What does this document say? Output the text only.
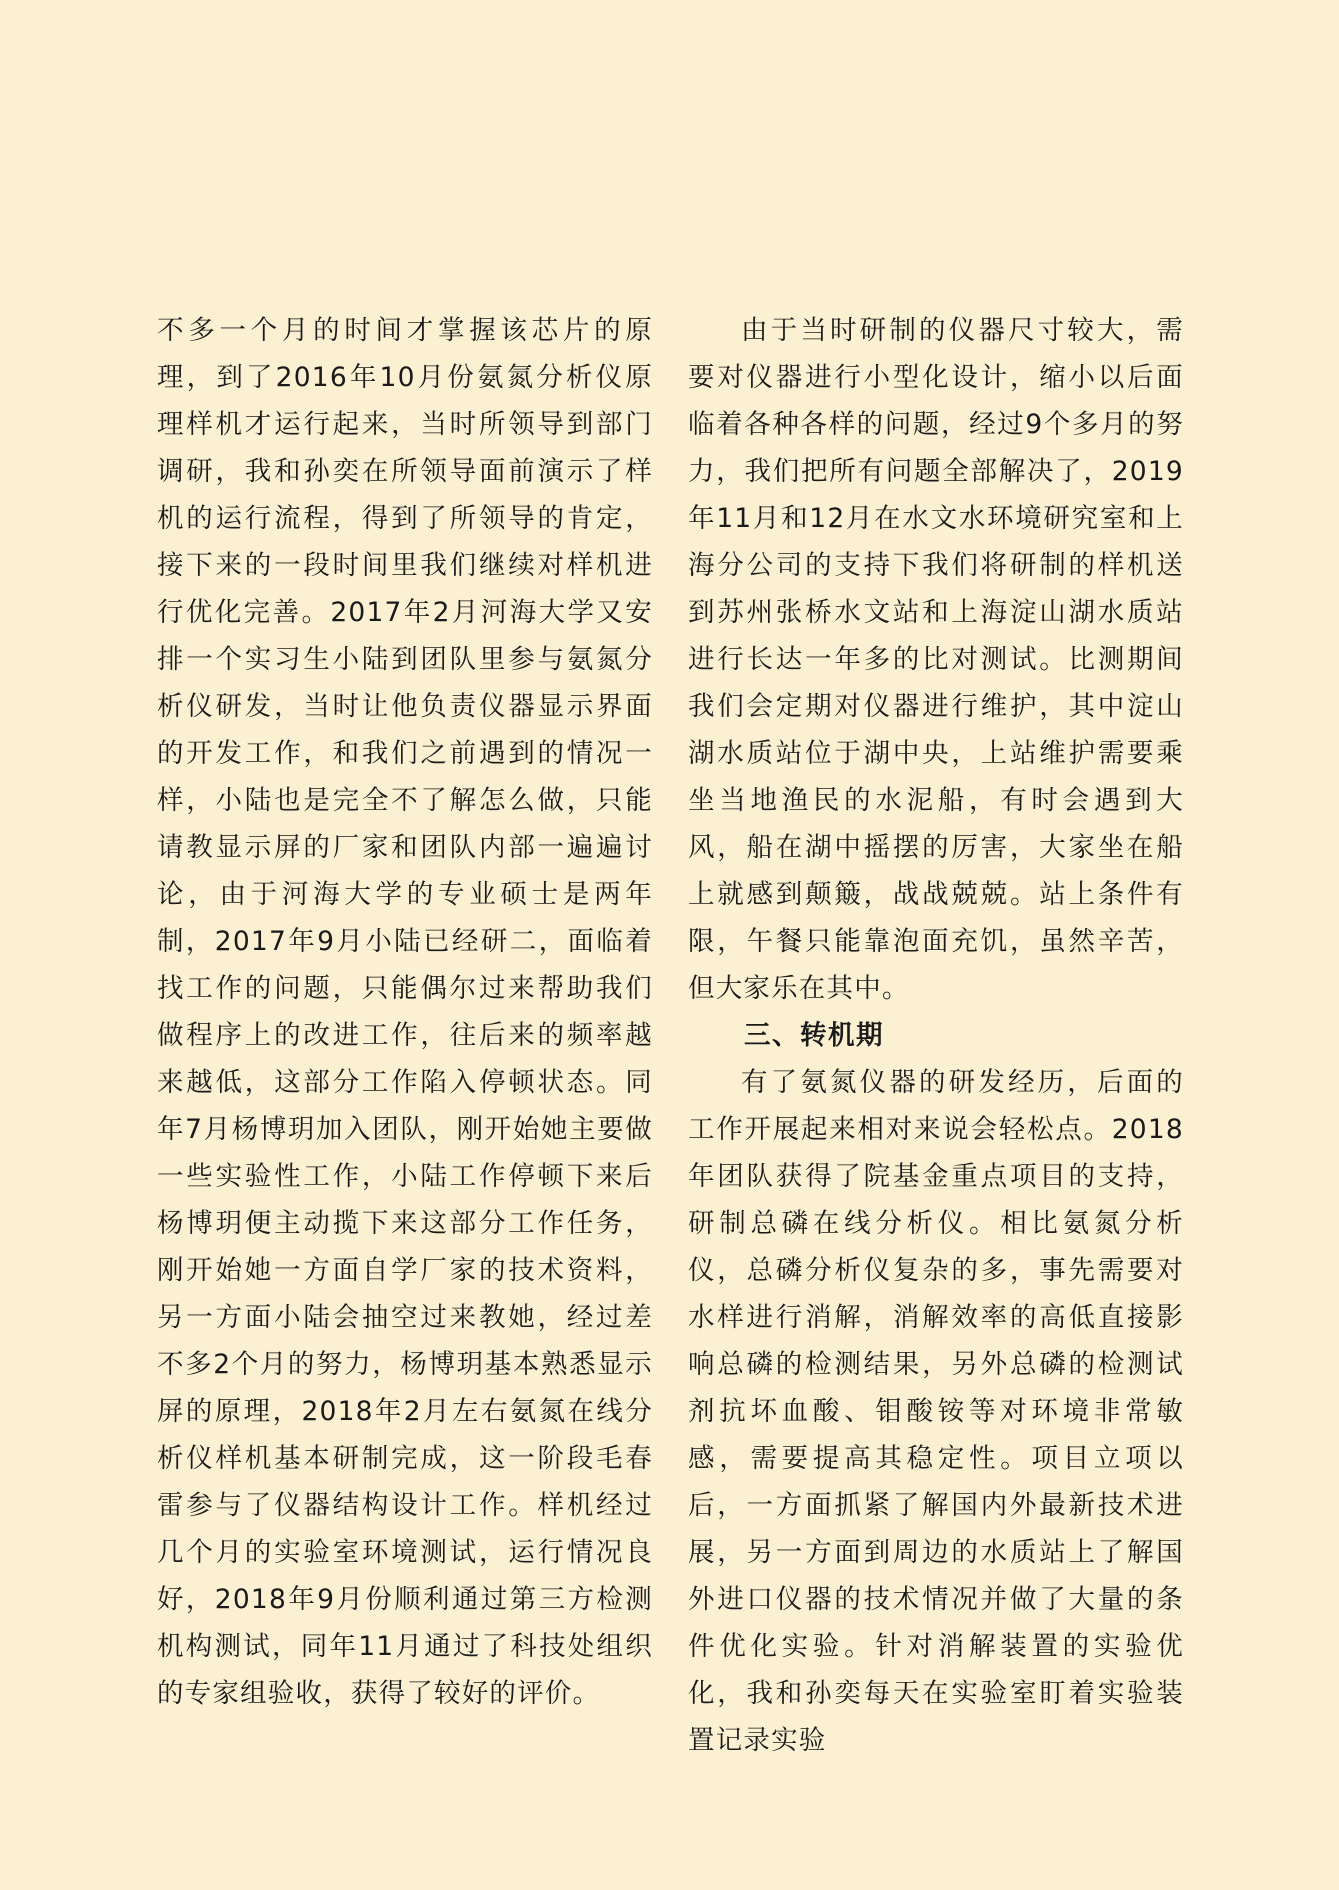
不多一个月的时间才掌握该芯片的原理，到了2016年10月份氨氮分析仪原理样机才运行起来，当时所领导到部门调研，我和孙奕在所领导面前演示了样机的运行流程，得到了所领导的肯定，接下来的一段时间里我们继续对样机进行优化完善。2017年2月河海大学又安排一个实习生小陆到团队里参与氨氮分析仪研发，当时让他负责仪器显示界面的开发工作，和我们之前遇到的情况一样，小陆也是完全不了解怎么做，只能请教显示屏的厂家和团队内部一遍遍讨论，由于河海大学的专业硕士是两年制，2017年9月小陆已经研二，面临着找工作的问题，只能偶尔过来帮助我们做程序上的改进工作，往后来的频率越来越低，这部分工作陷入停顿状态。同年7月杨博玥加入团队，刚开始她主要做一些实验性工作，小陆工作停顿下来后杨博玥便主动揽下来这部分工作任务，刚开始她一方面自学厂家的技术资料，另一方面小陆会抽空过来教她，经过差不多2个月的努力，杨博玥基本熟悉显示屏的原理，2018年2月左右氨氮在线分析仪样机基本研制完成，这一阶段毛春雷参与了仪器结构设计工作。样机经过几个月的实验室环境测试，运行情况良好，2018年9月份顺利通过第三方检测机构测试，同年11月通过了科技处组织的专家组验收，获得了较好的评价。

由于当时研制的仪器尺寸较大，需要对仪器进行小型化设计，缩小以后面临着各种各样的问题，经过9个多月的努力，我们把所有问题全部解决了，2019年11月和12月在水文水环境研究室和上海分公司的支持下我们将研制的样机送到苏州张桥水文站和上海淀山湖水质站进行长达一年多的比对测试。比测期间我们会定期对仪器进行维护，其中淀山湖水质站位于湖中央，上站维护需要乘坐当地渔民的水泥船，有时会遇到大风，船在湖中摇摆的厉害，大家坐在船上就感到颠簸，战战兢兢。站上条件有限，午餐只能靠泡面充饥，虽然辛苦，但大家乐在其中。

三、转机期

有了氨氮仪器的研发经历，后面的工作开展起来相对来说会轻松点。2018年团队获得了院基金重点项目的支持，研制总磷在线分析仪。相比氨氮分析仪，总磷分析仪复杂的多，事先需要对水样进行消解，消解效率的高低直接影响总磷的检测结果，另外总磷的检测试剂抗坏血酸、钼酸铵等对环境非常敏感，需要提高其稳定性。项目立项以后，一方面抓紧了解国内外最新技术进展，另一方面到周边的水质站上了解国外进口仪器的技术情况并做了大量的条件优化实验。针对消解装置的实验优化，我和孙奕每天在实验室盯着实验装置记录实验
